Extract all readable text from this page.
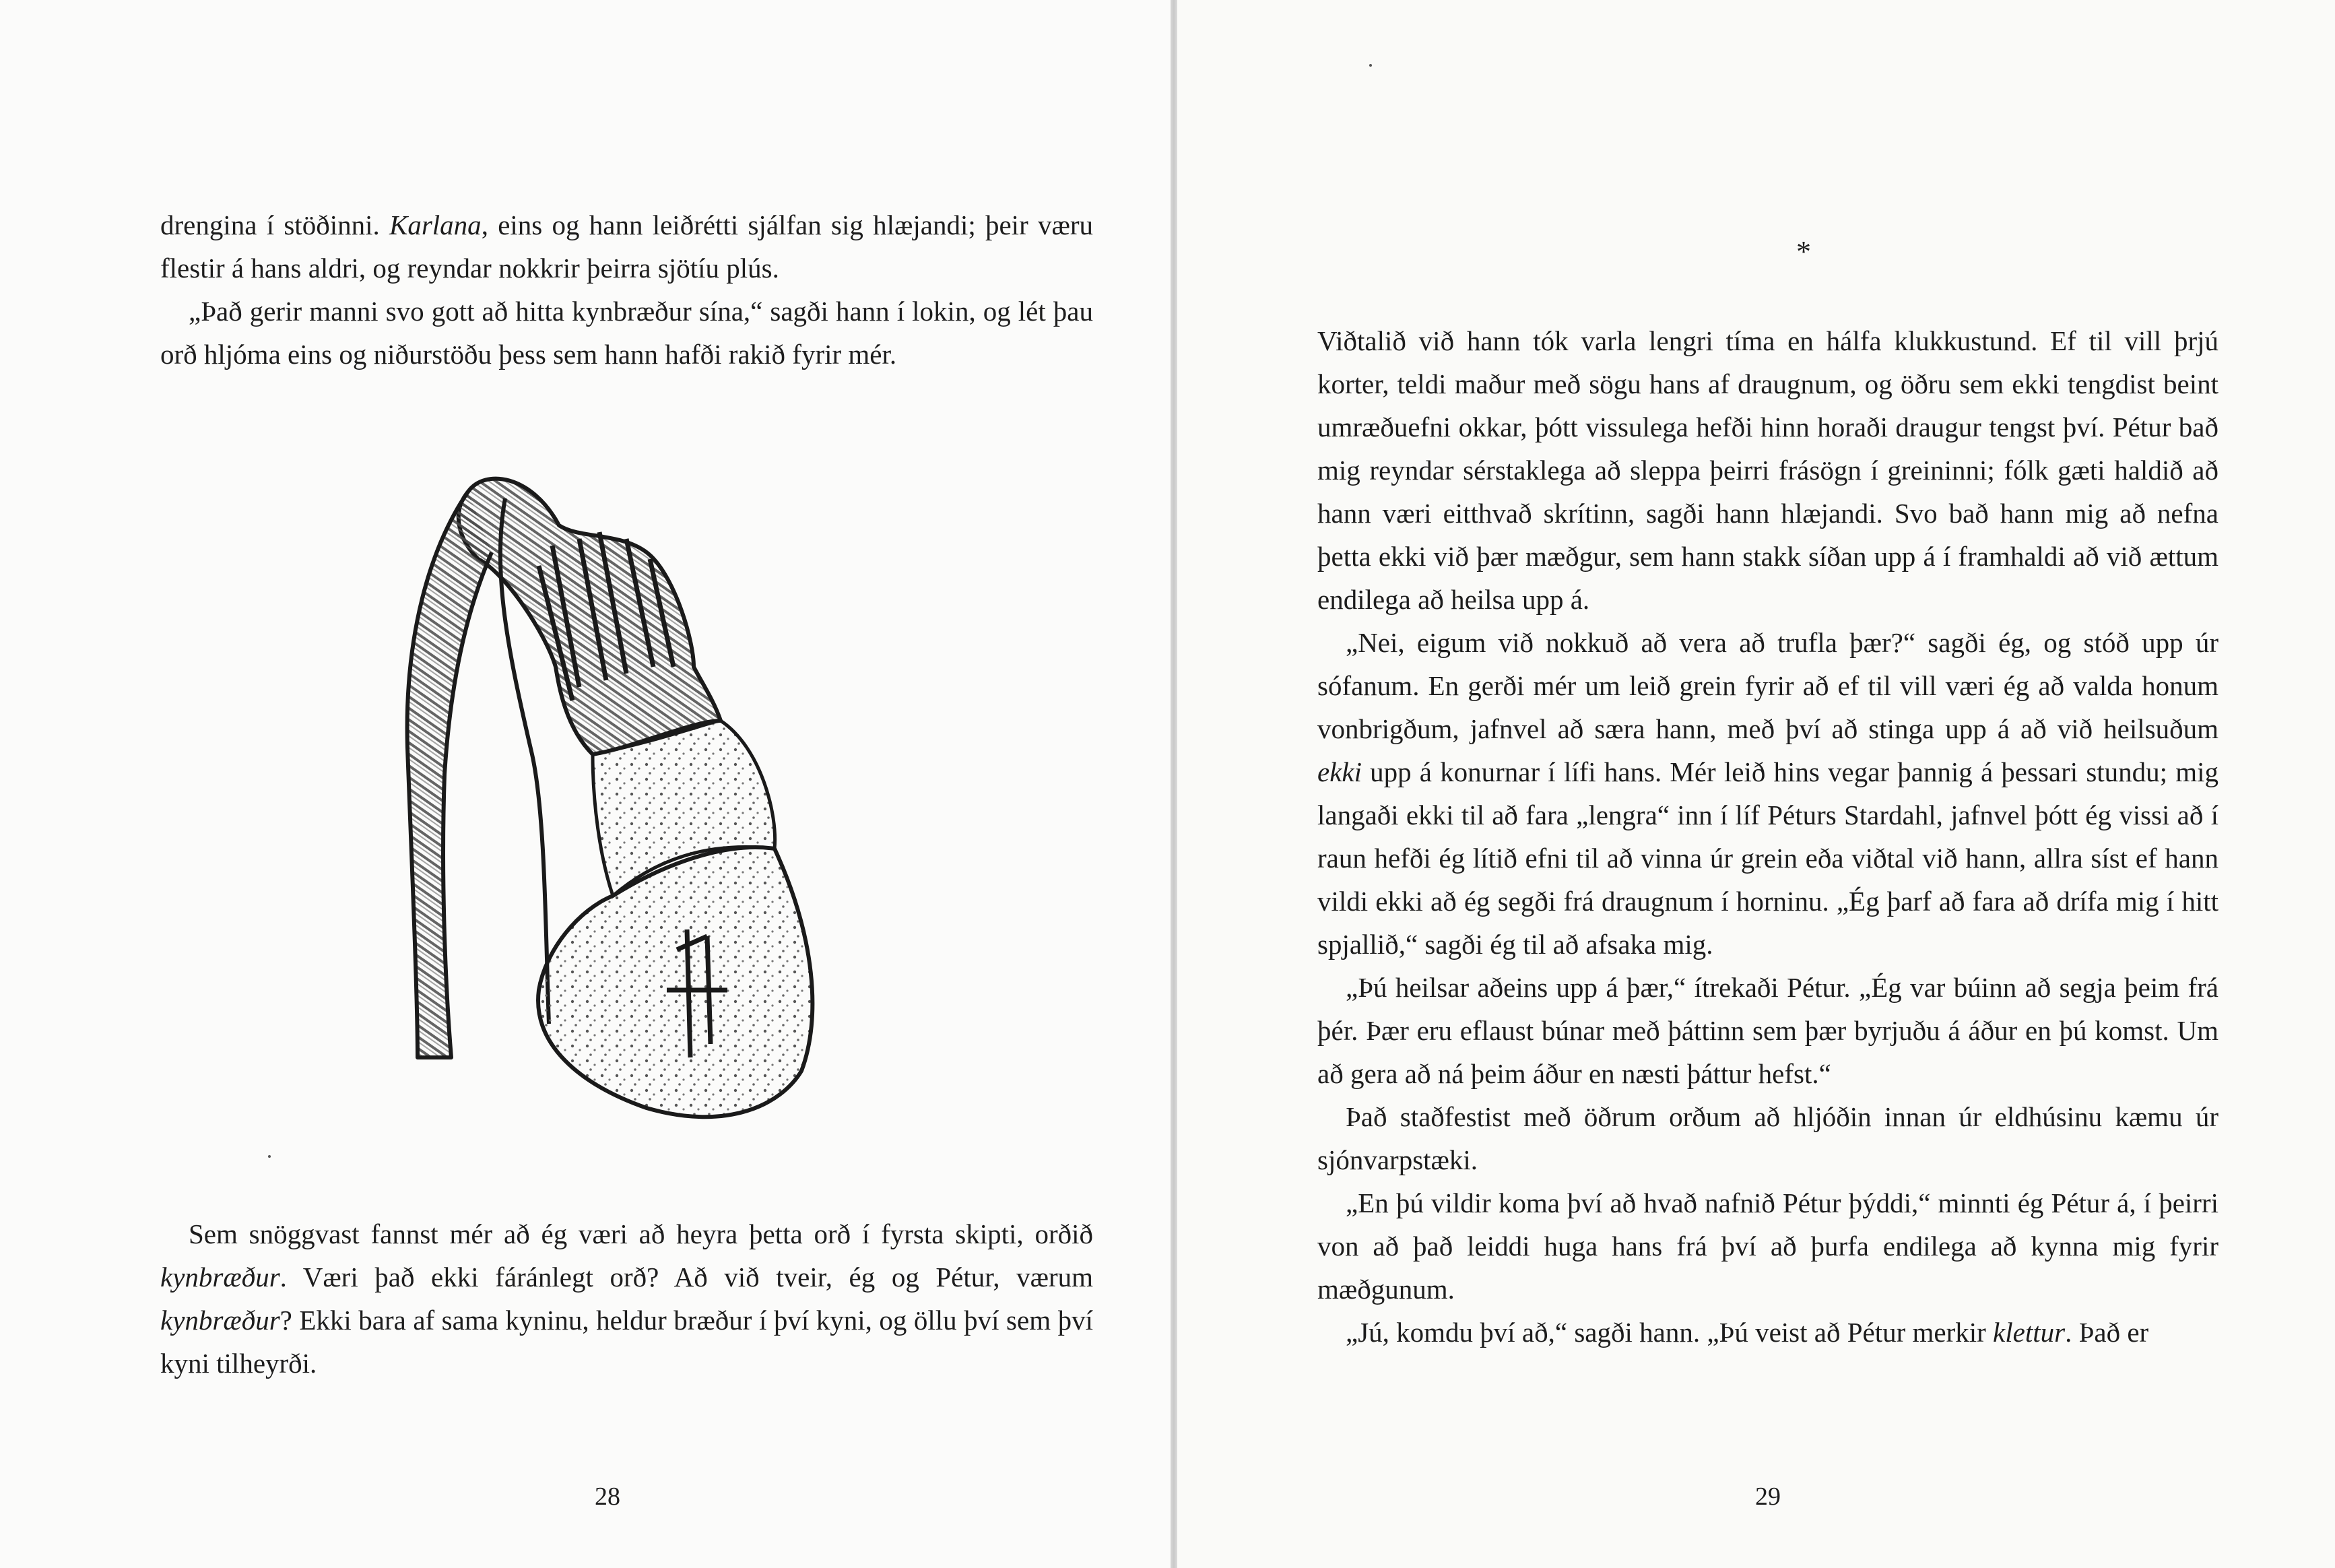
drengina í stöðinni. Karlana, eins og hann leiðrétti sjálfan sig hlæjandi; þeir væru flestir á hans aldri, og reyndar nokkrir þeirra sjötíu plús.

„Það gerir manni svo gott að hitta kynbræður sína,“ sagði hann í lokin, og lét þau orð hljóma eins og niðurstöðu þess sem hann hafði rakið fyrir mér.

Sem snöggvast fannst mér að ég væri að heyra þetta orð í fyrsta skipti, orðið kynbræður. Væri það ekki fáránlegt orð? Að við tveir, ég og Pétur, værum kynbræður? Ekki bara af sama kyninu, heldur bræður í því kyni, og öllu því sem því kyni tilheyrði.

28
*

Viðtalið við hann tók varla lengri tíma en hálfa klukkustund. Ef til vill þrjú korter, teldi maður með sögu hans af draugnum, og öðru sem ekki tengdist beint umræðuefni okkar, þótt vissulega hefði hinn horaði draugur tengst því. Pétur bað mig reyndar sérstaklega að sleppa þeirri frásögn í greininni; fólk gæti haldið að hann væri eitthvað skrítinn, sagði hann hlæjandi. Svo bað hann mig að nefna þetta ekki við þær mæðgur, sem hann stakk síðan upp á í framhaldi að við ættum endilega að heilsa upp á.

„Nei, eigum við nokkuð að vera að trufla þær?“ sagði ég, og stóð upp úr sófanum. En gerði mér um leið grein fyrir að ef til vill væri ég að valda honum vonbrigðum, jafnvel að særa hann, með því að stinga upp á að við heilsuðum ekki upp á konurnar í lífi hans. Mér leið hins vegar þannig á þessari stundu; mig langaði ekki til að fara „lengra“ inn í líf Péturs Stardahl, jafnvel þótt ég vissi að í raun hefði ég lítið efni til að vinna úr grein eða viðtal við hann, allra síst ef hann vildi ekki að ég segði frá draugnum í horninu. „Ég þarf að fara að drífa mig í hitt spjallið,“ sagði ég til að afsaka mig.

„Þú heilsar aðeins upp á þær,“ ítrekaði Pétur. „Ég var búinn að segja þeim frá þér. Þær eru eflaust búnar með þáttinn sem þær byrjuðu á áður en þú komst. Um að gera að ná þeim áður en næsti þáttur hefst.“

Það staðfestist með öðrum orðum að hljóðin innan úr eldhúsinu kæmu úr sjónvarpstæki.

„En þú vildir koma því að hvað nafnið Pétur þýddi,“ minnti ég Pétur á, í þeirri von að það leiddi huga hans frá því að þurfa endilega að kynna mig fyrir mæðgunum.

„Jú, komdu því að,“ sagði hann. „Þú veist að Pétur merkir klettur. Það er

29
